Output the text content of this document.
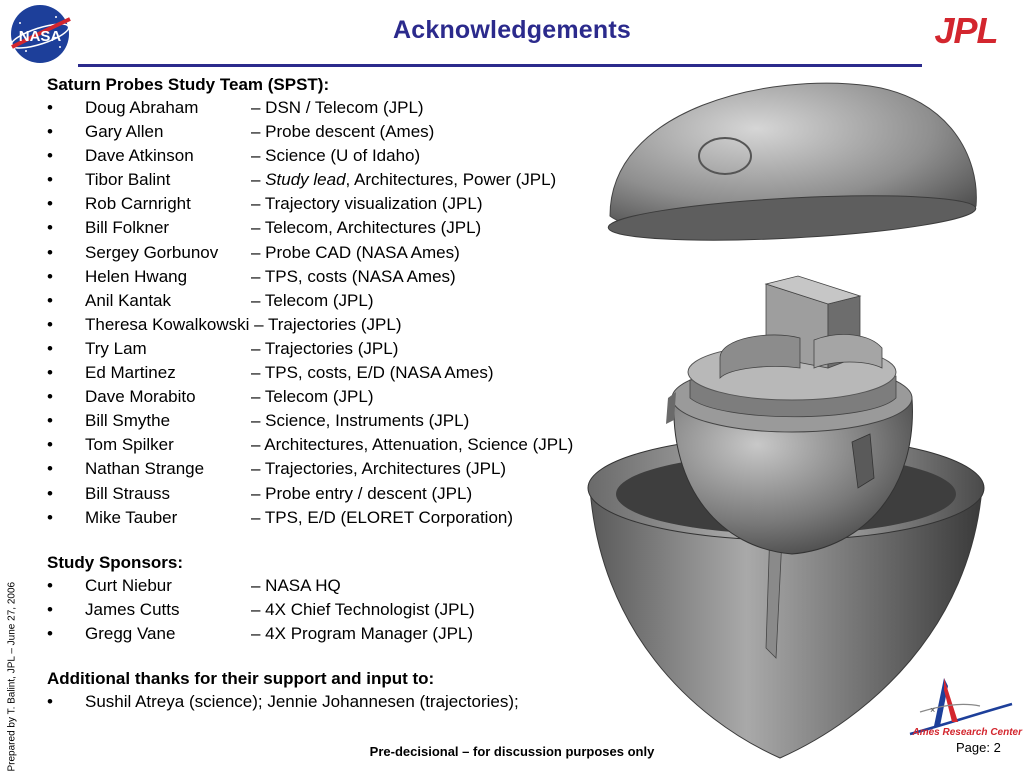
NASA	Acknowledgements	JPL
Prepared by T. Balint, JPL – June 27, 2006
Saturn Probes Study Team (SPST):
•	Doug Abraham	– DSN / Telecom (JPL)
•	Gary Allen	– Probe descent (Ames)
•	Dave Atkinson	– Science (U of Idaho)
•	Tibor Balint	– Study lead, Architectures, Power (JPL)
•	Rob Carnright	– Trajectory visualization (JPL)
•	Bill Folkner	– Telecom, Architectures (JPL)
•	Sergey Gorbunov	– Probe CAD (NASA Ames)
•	Helen Hwang	– TPS, costs (NASA Ames)
•	Anil Kantak	– Telecom (JPL)
•	Theresa Kowalkowski – Trajectories (JPL)
•	Try Lam	– Trajectories (JPL)
•	Ed Martinez	– TPS, costs, E/D (NASA Ames)
•	Dave Morabito	– Telecom (JPL)
•	Bill Smythe	– Science, Instruments (JPL)
•	Tom Spilker	– Architectures, Attenuation, Science (JPL)
•	Nathan Strange	– Trajectories, Architectures (JPL)
•	Bill Strauss	– Probe entry / descent (JPL)
•	Mike Tauber	– TPS, E/D (ELORET Corporation)
Study Sponsors:
•	Curt Niebur	– NASA HQ
•	James Cutts	– 4X Chief Technologist (JPL)
•	Gregg Vane	– 4X Program Manager (JPL)
Additional thanks for their support and input to:
•	Sushil Atreya (science); Jennie Johannesen (trajectories);	×
Ames Research Center
Pre-decisional – for discussion purposes only	Page: 2
